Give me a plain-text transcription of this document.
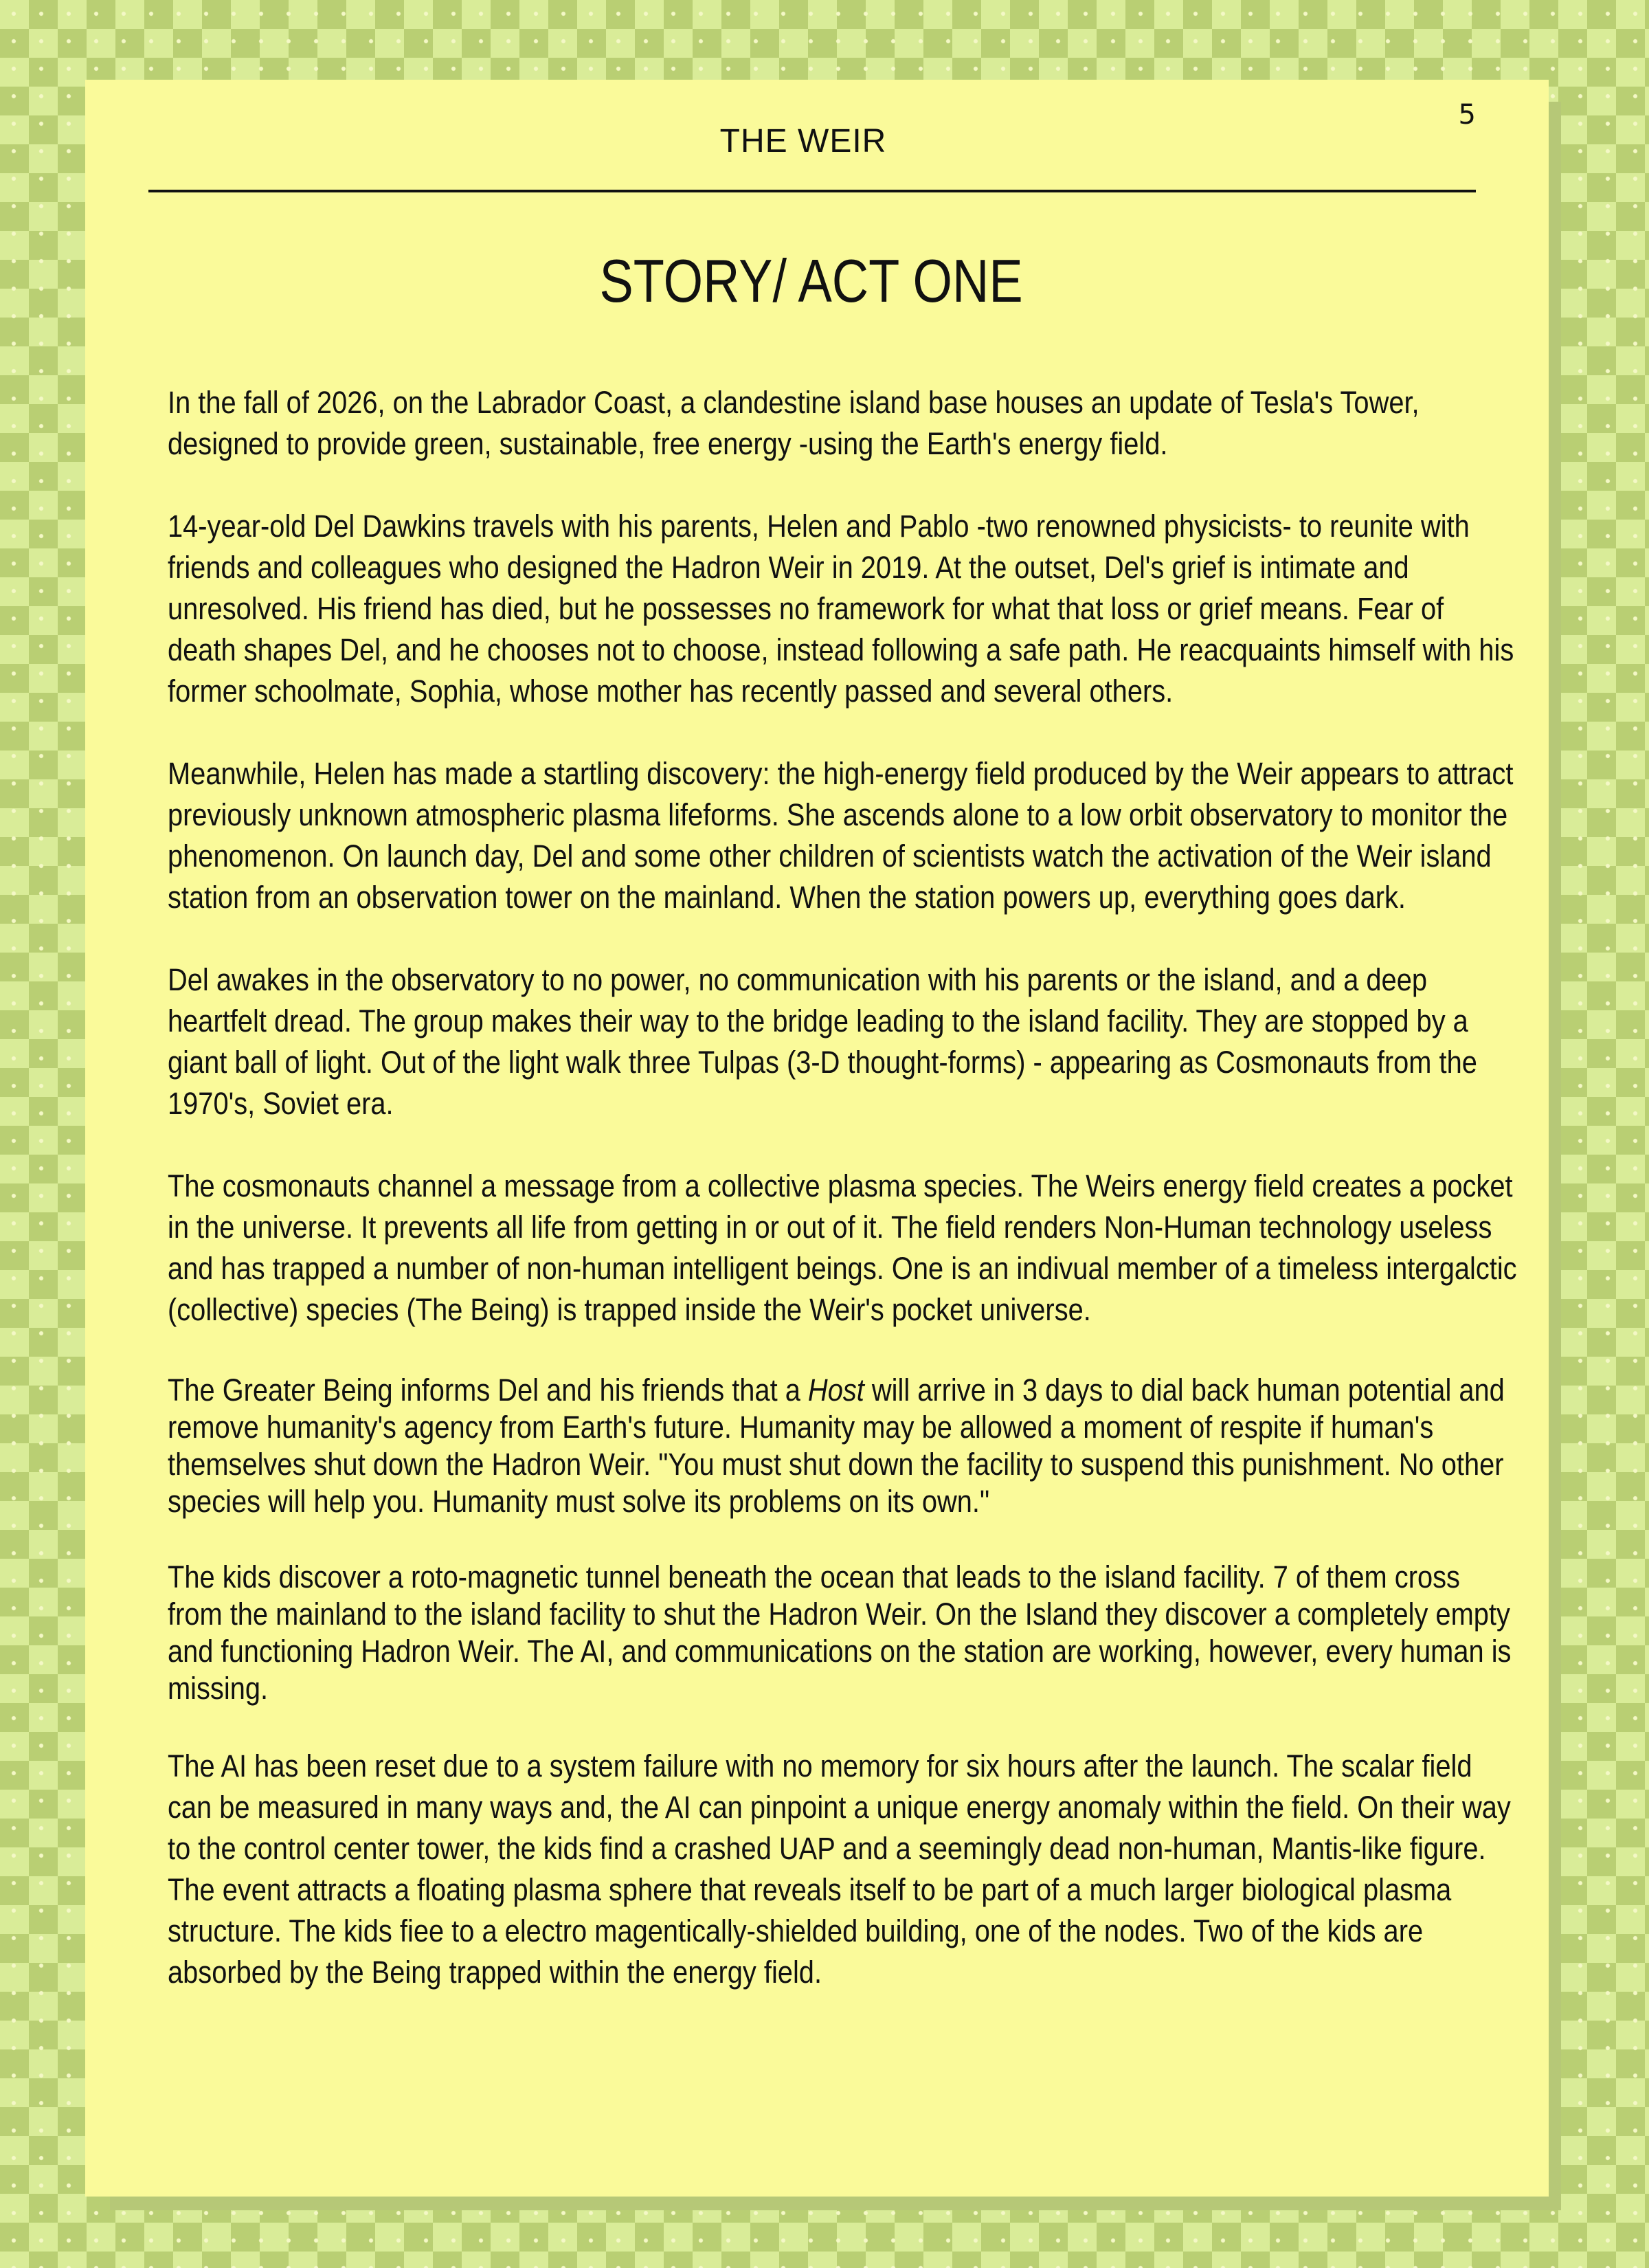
5
THE WEIR
STORY/ ACT ONE

In the fall of 2026, on the Labrador Coast, a clandestine island base houses an update of Tesla's Tower, designed to provide green, sustainable, free energy -using the Earth's energy field.

14-year-old Del Dawkins travels with his parents, Helen and Pablo -two renowned physicists- to reunite with friends and colleagues who designed the Hadron Weir in 2019. At the outset, Del's grief is intimate and unresolved. His friend has died, but he possesses no framework for what that loss or grief means. Fear of death shapes Del, and he chooses not to choose, instead following a safe path. He reacquaints himself with his former schoolmate, Sophia, whose mother has recently passed and several others.

Meanwhile, Helen has made a startling discovery: the high-energy field produced by the Weir appears to attract previously unknown atmospheric plasma lifeforms. She ascends alone to a low orbit observatory to monitor the phenomenon. On launch day, Del and some other children of scientists watch the activation of the Weir island station from an observation tower on the mainland. When the station powers up, everything goes dark.

Del awakes in the observatory to no power, no communication with his parents or the island, and a deep heartfelt dread. The group makes their way to the bridge leading to the island facility. They are stopped by a giant ball of light. Out of the light walk three Tulpas (3-D thought-forms) - appearing as Cosmonauts from the 1970's, Soviet era.

The cosmonauts channel a message from a collective plasma species. The Weirs energy field creates a pocket in the universe. It prevents all life from getting in or out of it. The field renders Non-Human technology useless and has trapped a number of non-human intelligent beings. One is an indivual member of a timeless intergalctic (collective) species (The Being) is trapped inside the Weir's pocket universe.

The Greater Being informs Del and his friends that a Host will arrive in 3 days to dial back human potential and remove humanity's agency from Earth's future. Humanity may be allowed a moment of respite if human's themselves shut down the Hadron Weir. "You must shut down the facility to suspend this punishment. No other species will help you. Humanity must solve its problems on its own."

The kids discover a roto-magnetic tunnel beneath the ocean that leads to the island facility. 7 of them cross from the mainland to the island facility to shut the Hadron Weir. On the Island they discover a completely empty and functioning Hadron Weir. The AI, and communications on the station are working, however, every human is missing.

The AI has been reset due to a system failure with no memory for six hours after the launch. The scalar field can be measured in many ways and, the AI can pinpoint a unique energy anomaly within the field. On their way to the control center tower, the kids find a crashed UAP and a seemingly dead non-human, Mantis-like figure. The event attracts a floating plasma sphere that reveals itself to be part of a much larger biological plasma structure. The kids fiee to a electro magentically-shielded building, one of the nodes. Two of the kids are absorbed by the Being trapped within the energy field.
